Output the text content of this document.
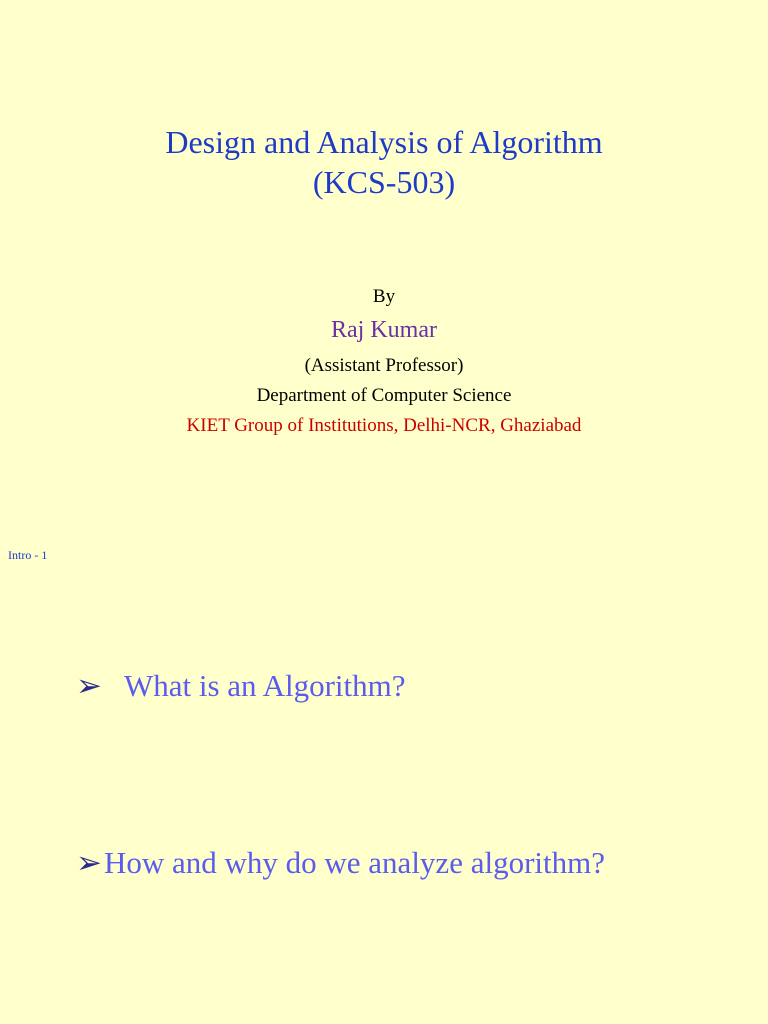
Design and Analysis of Algorithm
(KCS-503)
By
Raj Kumar
(Assistant Professor)
Department of Computer Science
KIET Group of Institutions, Delhi-NCR, Ghaziabad
Intro - 1
➢ What is an Algorithm?
➢How and why do we analyze algorithm?
